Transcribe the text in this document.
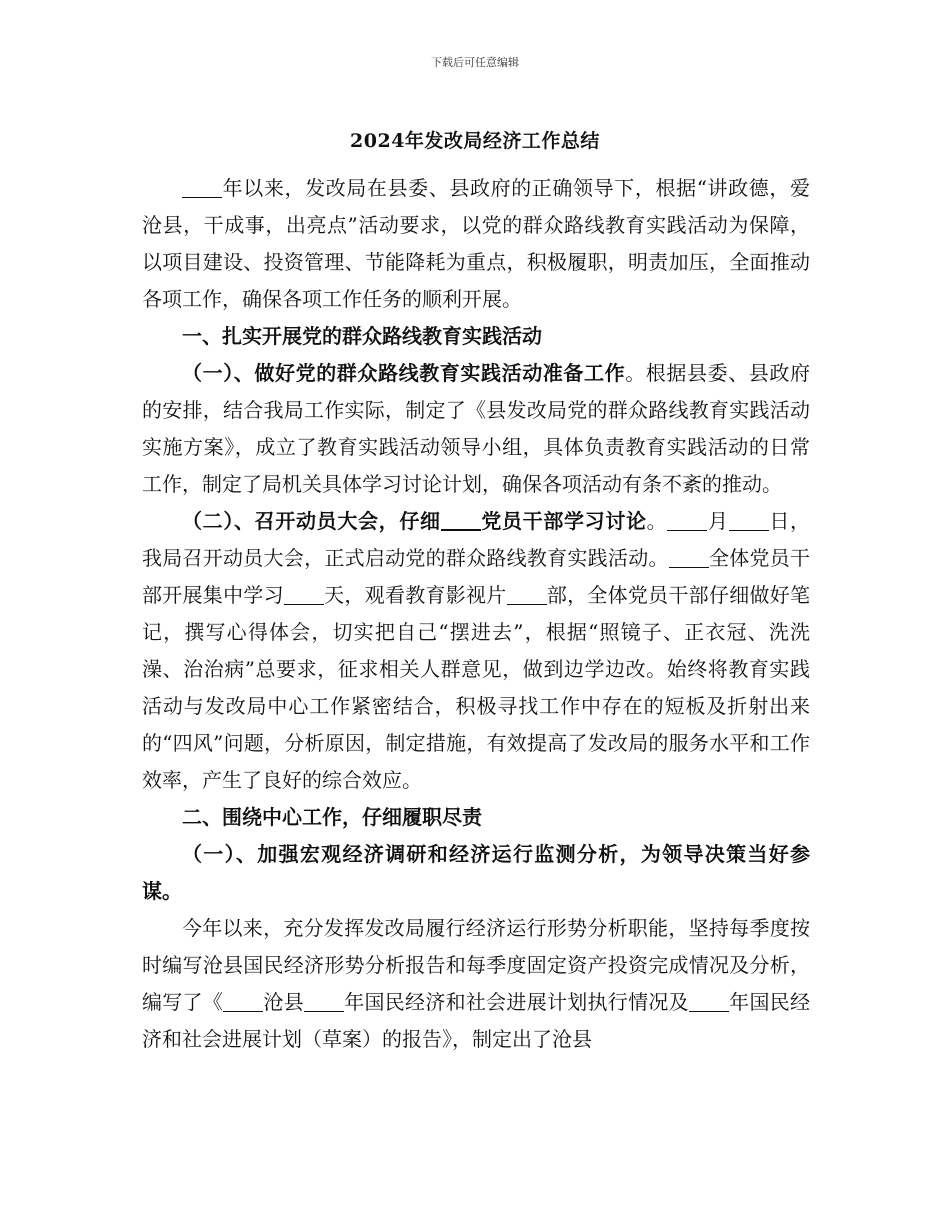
下载后可任意编辑
2024年发改局经济工作总结

年以来，发改局在县委、县政府的正确领导下，根据“讲政德，爱沧县，干成事，出亮点”活动要求，以党的群众路线教育实践活动为保障，以项目建设、投资管理、节能降耗为重点，积极履职，明责加压，全面推动各项工作，确保各项工作任务的顺利开展。

一、扎实开展党的群众路线教育实践活动

（一）、做好党的群众路线教育实践活动准备工作。根据县委、县政府的安排，结合我局工作实际，制定了《县发改局党的群众路线教育实践活动实施方案》，成立了教育实践活动领导小组，具体负责教育实践活动的日常工作，制定了局机关具体学习讨论计划，确保各项活动有条不紊的推动。

（二）、召开动员大会，仔细 党员干部学习讨论。 月 日，我局召开动员大会，正式启动党的群众路线教育实践活动。 全体党员干部开展集中学习 天，观看教育影视片 部，全体党员干部仔细做好笔记，撰写心得体会，切实把自己“摆进去”，根据“照镜子、正衣冠、洗洗澡、治治病”总要求，征求相关人群意见，做到边学边改。始终将教育实践活动与发改局中心工作紧密结合，积极寻找工作中存在的短板及折射出来的“四风”问题，分析原因，制定措施，有效提高了发改局的服务水平和工作效率，产生了良好的综合效应。

二、围绕中心工作，仔细履职尽责

（一）、加强宏观经济调研和经济运行监测分析，为领导决策当好参谋。

今年以来，充分发挥发改局履行经济运行形势分析职能，坚持每季度按时编写沧县国民经济形势分析报告和每季度固定资产投资完成情况及分析，编写了《 沧县 年国民经济和社会进展计划执行情况及 年国民经济和社会进展计划（草案）的报告》，制定出了沧县
